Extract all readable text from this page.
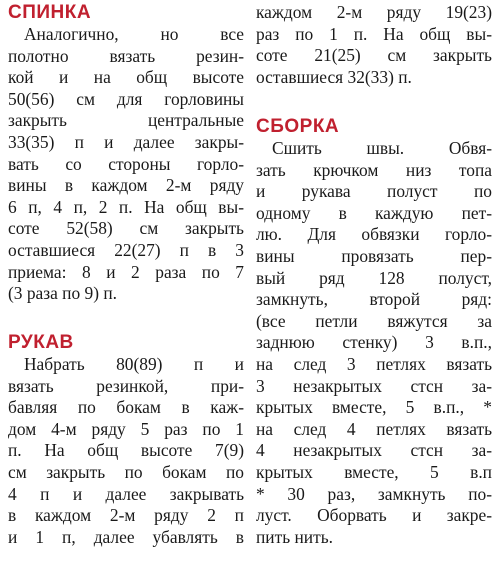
СПИНКА
Аналогично, но все
полотно вязать резин-
кой и на общ высоте
50(56) см для горловины
закрыть центральные
33(35) п и далее закры-
вать со стороны горло-
вины в каждом 2-м ряду
6 п, 4 п, 2 п. На общ вы-
соте 52(58) см закрыть
оставшиеся 22(27) п в 3
приема: 8 и 2 раза по 7
(3 раза по 9) п.
РУКАВ
Набрать 80(89) п и
вязать резинкой, при-
бавляя по бокам в каж-
дом 4-м ряду 5 раз по 1
п. На общ высоте 7(9)
см закрыть по бокам по
4 п и далее закрывать
в каждом 2-м ряду 2 п
и 1 п, далее убавлять в
каждом 2-м ряду 19(23)
раз по 1 п. На общ вы-
соте 21(25) см закрыть
оставшиеся 32(33) п.
СБОРКА
Сшить швы. Обвя-
зать крючком низ топа
и рукава полуст по
одному в каждую пет-
лю. Для обвязки горло-
вины провязать пер-
вый ряд 128 полуст,
замкнуть, второй ряд:
(все петли вяжутся за
заднюю стенку) 3 в.п.,
на след 3 петлях вязать
3 незакрытых стсн за-
крытых вместе, 5 в.п., *
на след 4 петлях вязать
4 незакрытых стсн за-
крытых вместе, 5 в.п
* 30 раз, замкнуть по-
луст. Оборвать и закре-
пить нить.
